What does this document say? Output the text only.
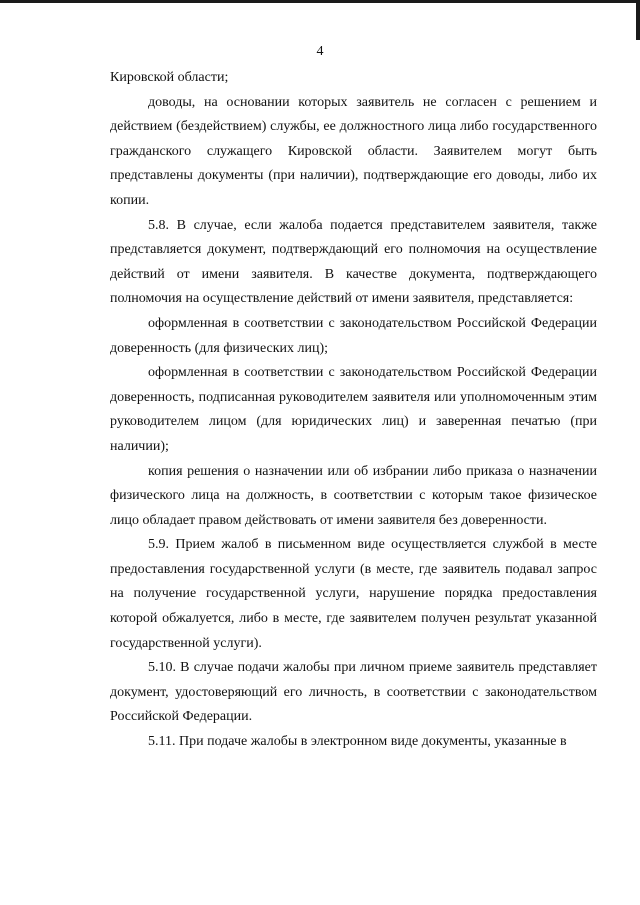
4

Кировской области;

доводы, на основании которых заявитель не согласен с решением и действием (бездействием) службы, ее должностного лица либо государственного гражданского служащего Кировской области. Заявителем могут быть представлены документы (при наличии), подтверждающие его доводы, либо их копии.

5.8. В случае, если жалоба подается представителем заявителя, также представляется документ, подтверждающий его полномочия на осуществление действий от имени заявителя. В качестве документа, подтверждающего полномочия на осуществление действий от имени заявителя, представляется:

оформленная в соответствии с законодательством Российской Федерации доверенность (для физических лиц);

оформленная в соответствии с законодательством Российской Федерации доверенность, подписанная руководителем заявителя или уполномоченным этим руководителем лицом (для юридических лиц) и заверенная печатью (при наличии);

копия решения о назначении или об избрании либо приказа о назначении физического лица на должность, в соответствии с которым такое физическое лицо обладает правом действовать от имени заявителя без доверенности.

5.9. Прием жалоб в письменном виде осуществляется службой в месте предоставления государственной услуги (в месте, где заявитель подавал запрос на получение государственной услуги, нарушение порядка предоставления которой обжалуется, либо в месте, где заявителем получен результат указанной государственной услуги).

5.10. В случае подачи жалобы при личном приеме заявитель представляет документ, удостоверяющий его личность, в соответствии с законодательством Российской Федерации.

5.11. При подаче жалобы в электронном виде документы, указанные в
